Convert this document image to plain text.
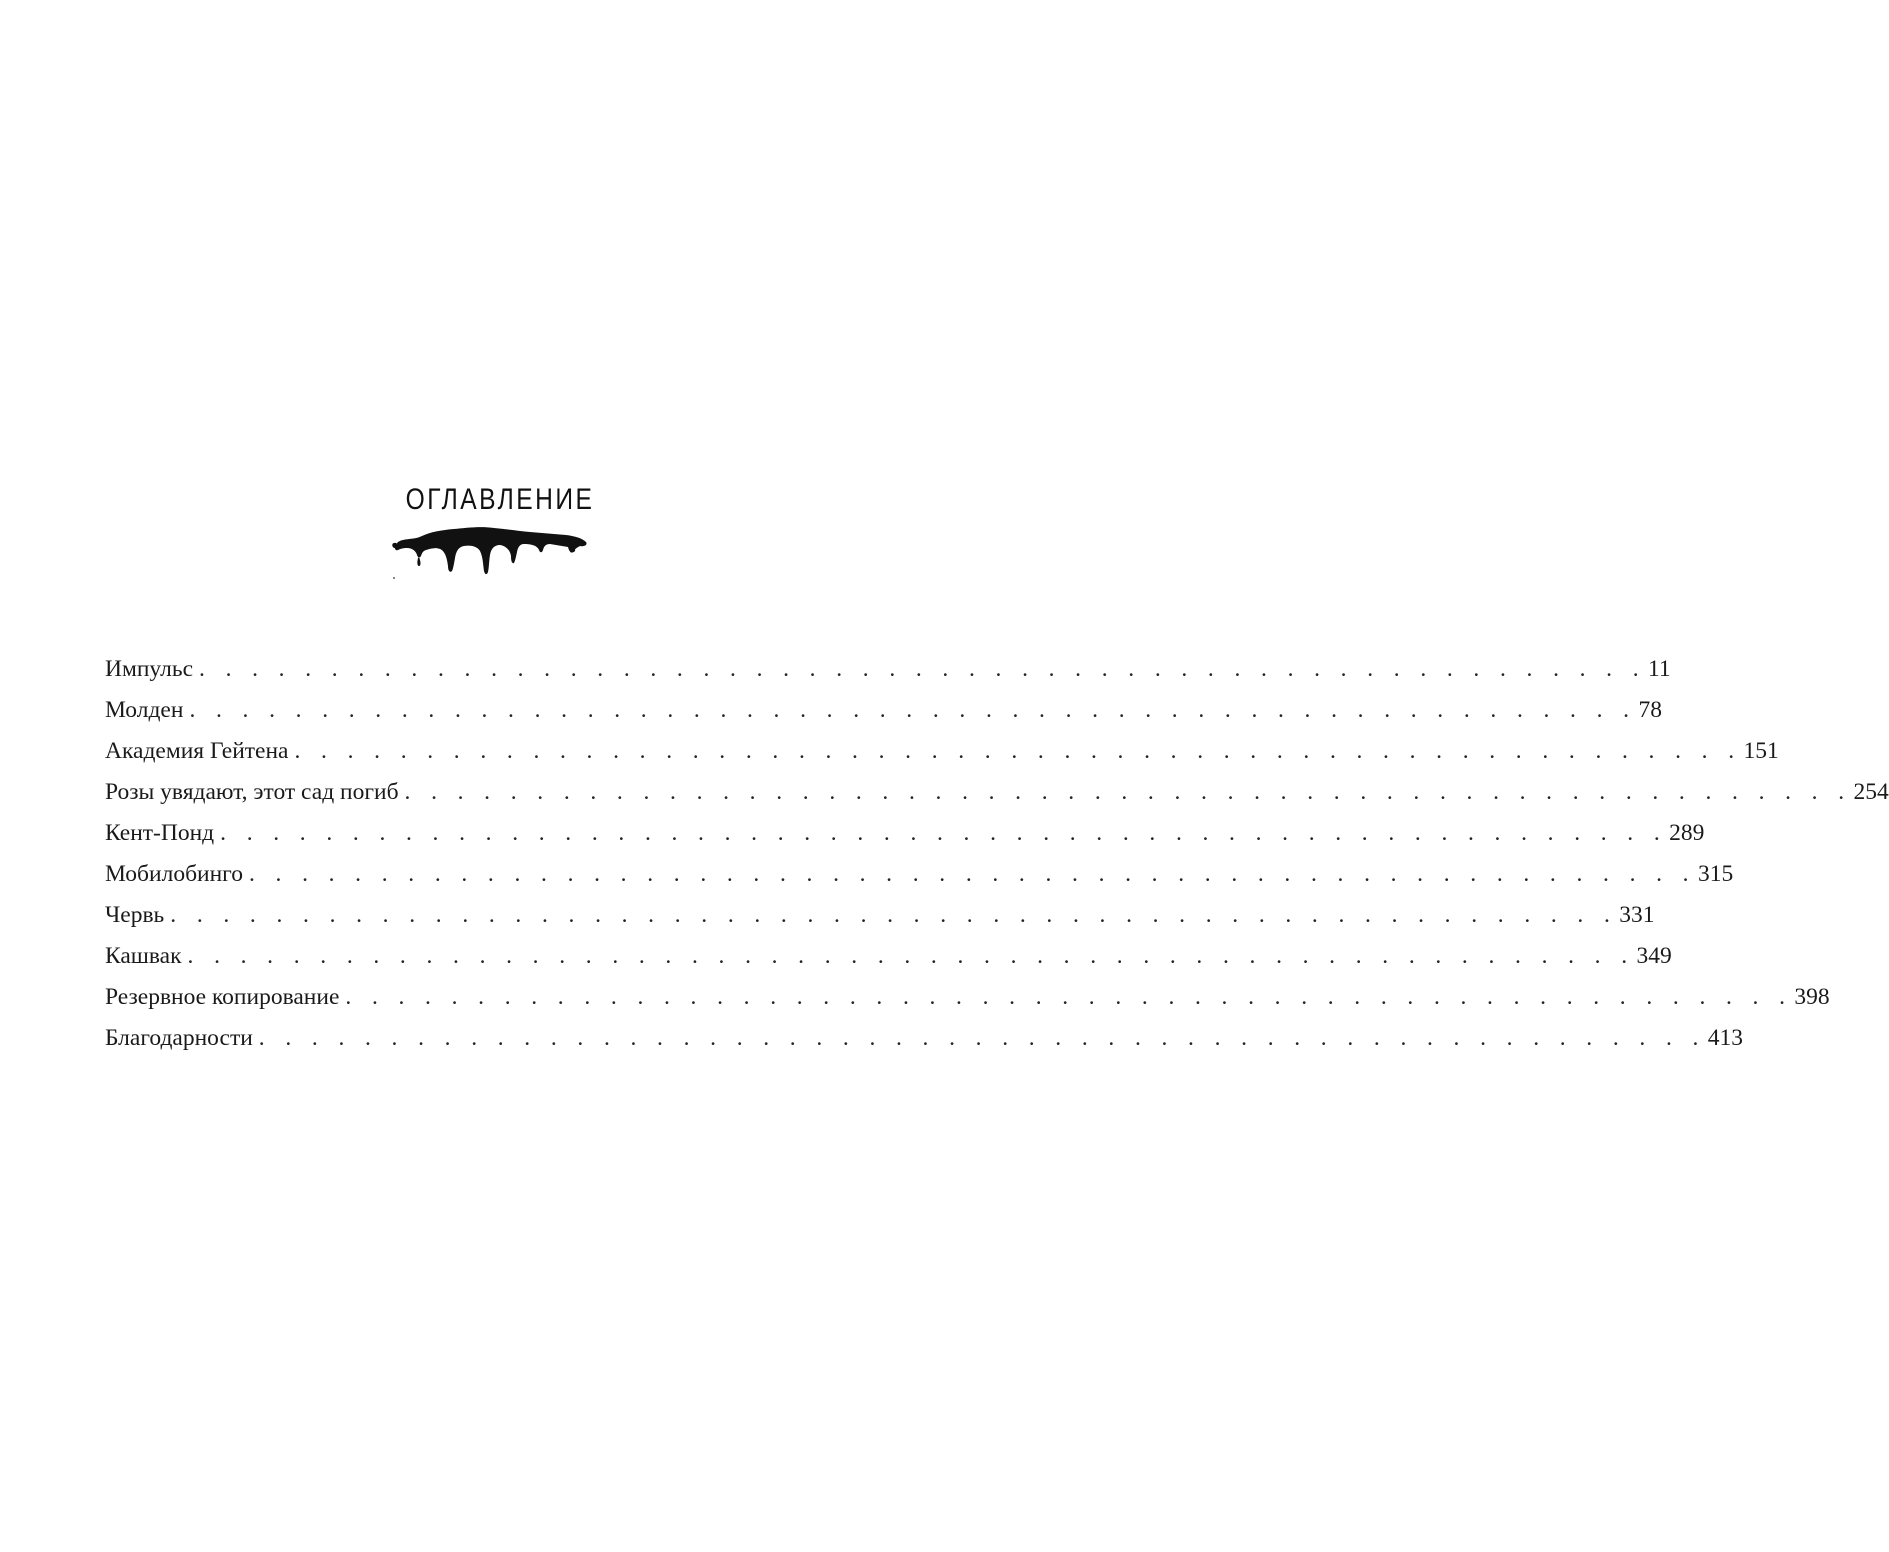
ОГЛАВЛЕНИЕ
Импульс . . . . . . . . . . . . . . . . . . . . . . . . . . . . . . . . . . . . . . . . . . . . . . . . . . . . . . . 11
Молден . . . . . . . . . . . . . . . . . . . . . . . . . . . . . . . . . . . . . . . . . . . . . . . . . . . . . . . 78
Академия Гейтена . . . . . . . . . . . . . . . . . . . . . . . . . . . . . . . . . . . . . . . . . . . . . . . . . . . . . . . 151
Розы увядают, этот сад погиб . . . . . . . . . . . . . . . . . . . . . . . . . . . . . . . . . . . . . . . . . . . . . . . . . . . . . . . 254
Кент-Понд . . . . . . . . . . . . . . . . . . . . . . . . . . . . . . . . . . . . . . . . . . . . . . . . . . . . . . . 289
Мобилобинго . . . . . . . . . . . . . . . . . . . . . . . . . . . . . . . . . . . . . . . . . . . . . . . . . . . . . . . 315
Червь . . . . . . . . . . . . . . . . . . . . . . . . . . . . . . . . . . . . . . . . . . . . . . . . . . . . . . . 331
Кашвак . . . . . . . . . . . . . . . . . . . . . . . . . . . . . . . . . . . . . . . . . . . . . . . . . . . . . . . 349
Резервное копирование . . . . . . . . . . . . . . . . . . . . . . . . . . . . . . . . . . . . . . . . . . . . . . . . . . . . . . . 398
Благодарности . . . . . . . . . . . . . . . . . . . . . . . . . . . . . . . . . . . . . . . . . . . . . . . . . . . . . . . 413
